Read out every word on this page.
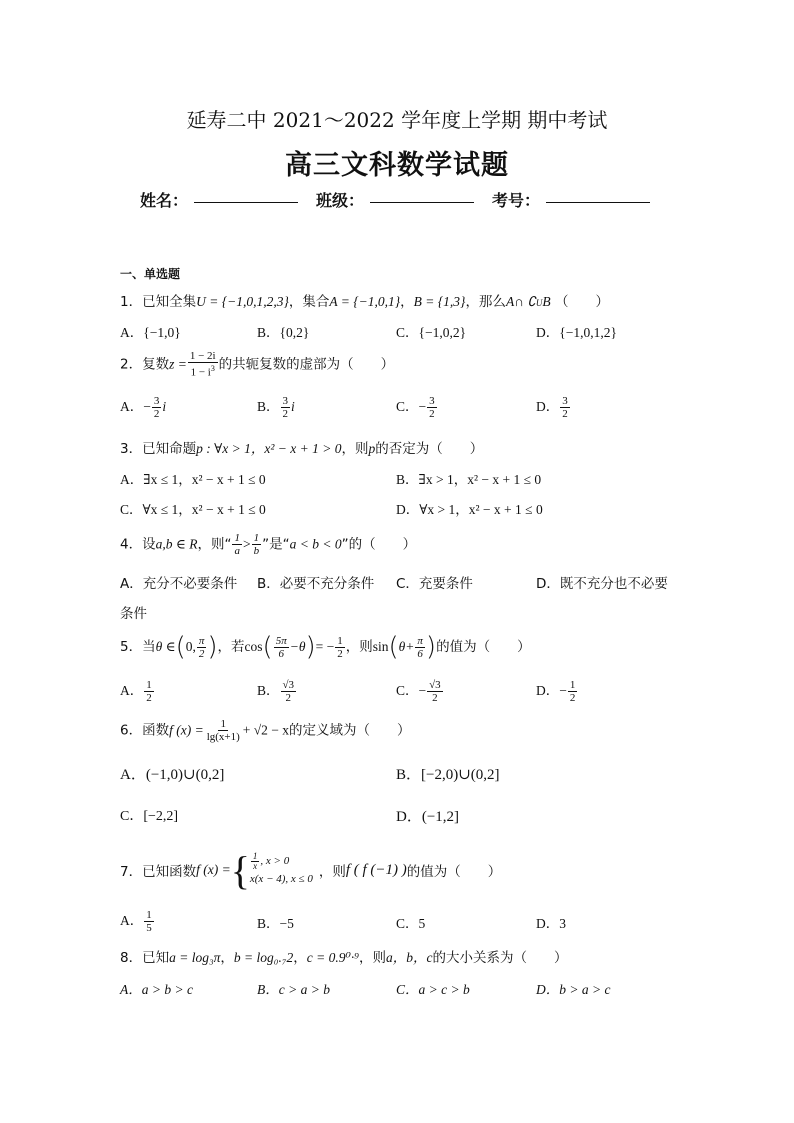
延寿二中 2021～2022 学年度上学期 期中考试
高三文科数学试题
姓名：	班级：	考号：
一、单选题
1．已知全集U = {−1,0,1,2,3}，集合A = {−1,0,1}，B = {1,3}，那么A∩ ∁UB （　　）
A．{−1,0}	B．{0,2}	C．{−1,0,2}	D．{−1,0,1,2}
2．复数$z = \frac{1 - 2i}{1 - i^3}$ 的共轭复数的虚部为（　　）
A．− $\frac{3}{2}$ i	B． $\frac{3}{2}$ i	C．− $\frac{3}{2}$	D． $\frac{3}{2}$
3．已知命题p : ∀x > 1，x² − x + 1 > 0，则p的否定为（　　）
A．∃x ≤ 1，x² − x + 1 ≤ 0	B．∃x > 1，x² − x + 1 ≤ 0
C．∀x ≤ 1，x² − x + 1 ≤ 0	D．∀x > 1，x² − x + 1 ≤ 0
4．设a,b ∈ R，则“ $\frac{1}{a} > \frac{1}{b}$ ”是“a < b < 0”的（　　）
A．充分不必要条件 B．必要不充分条件 C．充要条件	D．既不充分也不必要
条件
5．当θ ∈(0, $\frac{\pi}{2}$ )，若$\cos( \frac{5\pi}{6} -\theta)= - \frac{1}{2}$ ，则$\sin(\theta+ \frac{\pi}{6}$ )的值为（　　）
A． $\frac{1}{2}$	B． $\frac{√3}{2}$	C．− $\frac{√3}{2}$	D．− $\frac{1}{2}$
6．函数f $(x) = \frac{1}{\lg(x+1)} + √2 - x$的定义域为（　　）
A．(−1,0)∪(0,2]	B．[−2,0)∪(0,2]
C．[−2,2]	D．(−1,2]
7．已知函数 f (x) = { $\frac{1}{x}$ , x > 0
x(x − 4), x ≤ 0 ，则 f ( f (−1) ) 的值为（　　）
A． $\frac{1}{5}$	B．−5	C．5	D．3
8．已知a = log₃π，b = log₀.₇2，c = 0.9⁰·⁹，则a，b，c的大小关系为（　　）
A．a > b > c	B．c > a > b	C．a > c > b	D．b > a > c
